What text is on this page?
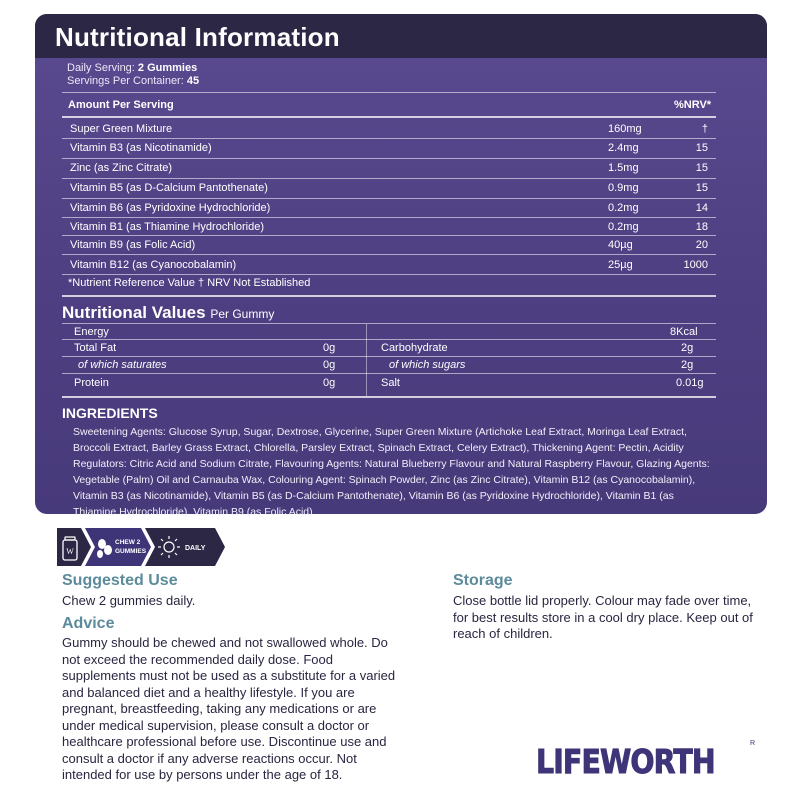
Nutritional Information
Daily Serving: 2 Gummies
Servings Per Container: 45
Amount Per Serving	%NRV*
Super Green Mixture	160mg	†
Vitamin B3 (as Nicotinamide)	2.4mg	15
Zinc (as Zinc Citrate)	1.5mg	15
Vitamin B5 (as D-Calcium Pantothenate)	0.9mg	15
Vitamin B6 (as Pyridoxine Hydrochloride)	0.2mg	14
Vitamin B1 (as Thiamine Hydrochloride)	0.2mg	18
Vitamin B9 (as Folic Acid)	40µg	20
Vitamin B12 (as Cyanocobalamin)	25µg	1000
*Nutrient Reference Value † NRV Not Established
Nutritional Values Per Gummy
Energy	8Kcal
Total Fat	0g	Carbohydrate	2g
of which saturates	0g	of which sugars	2g
Protein	0g	Salt	0.01g
INGREDIENTS
Sweetening Agents: Glucose Syrup, Sugar, Dextrose, Glycerine, Super Green Mixture (Artichoke Leaf Extract, Moringa Leaf Extract, Broccoli Extract, Barley Grass Extract, Chlorella, Parsley Extract, Spinach Extract, Celery Extract), Thickening Agent: Pectin, Acidity Regulators: Citric Acid and Sodium Citrate, Flavouring Agents: Natural Blueberry Flavour and Natural Raspberry Flavour, Glazing Agents: Vegetable (Palm) Oil and Carnauba Wax, Colouring Agent: Spinach Powder, Zinc (as Zinc Citrate), Vitamin B12 (as Cyanocobalamin), Vitamin B3 (as Nicotinamide), Vitamin B5 (as D-Calcium Pantothenate), Vitamin B6 (as Pyridoxine Hydrochloride), Vitamin B1 (as Thiamine Hydrochloride), Vitamin B9 (as Folic Acid).
W
CHEW 2
GUMMIES	DAILY
Suggested Use
Chew 2 gummies daily.
Advice
Gummy should be chewed and not swallowed whole. Do not exceed the recommended daily dose. Food supplements must not be used as a substitute for a varied and balanced diet and a healthy lifestyle. If you are pregnant, breastfeeding, taking any medications or are under medical supervision, please consult a doctor or healthcare professional before use. Discontinue use and consult a doctor if any adverse reactions occur. Not intended for use by persons under the age of 18.
Storage
Close bottle lid properly. Colour may fade over time, for best results store in a cool dry place. Keep out of reach of children.
LIFEWORTH	R
